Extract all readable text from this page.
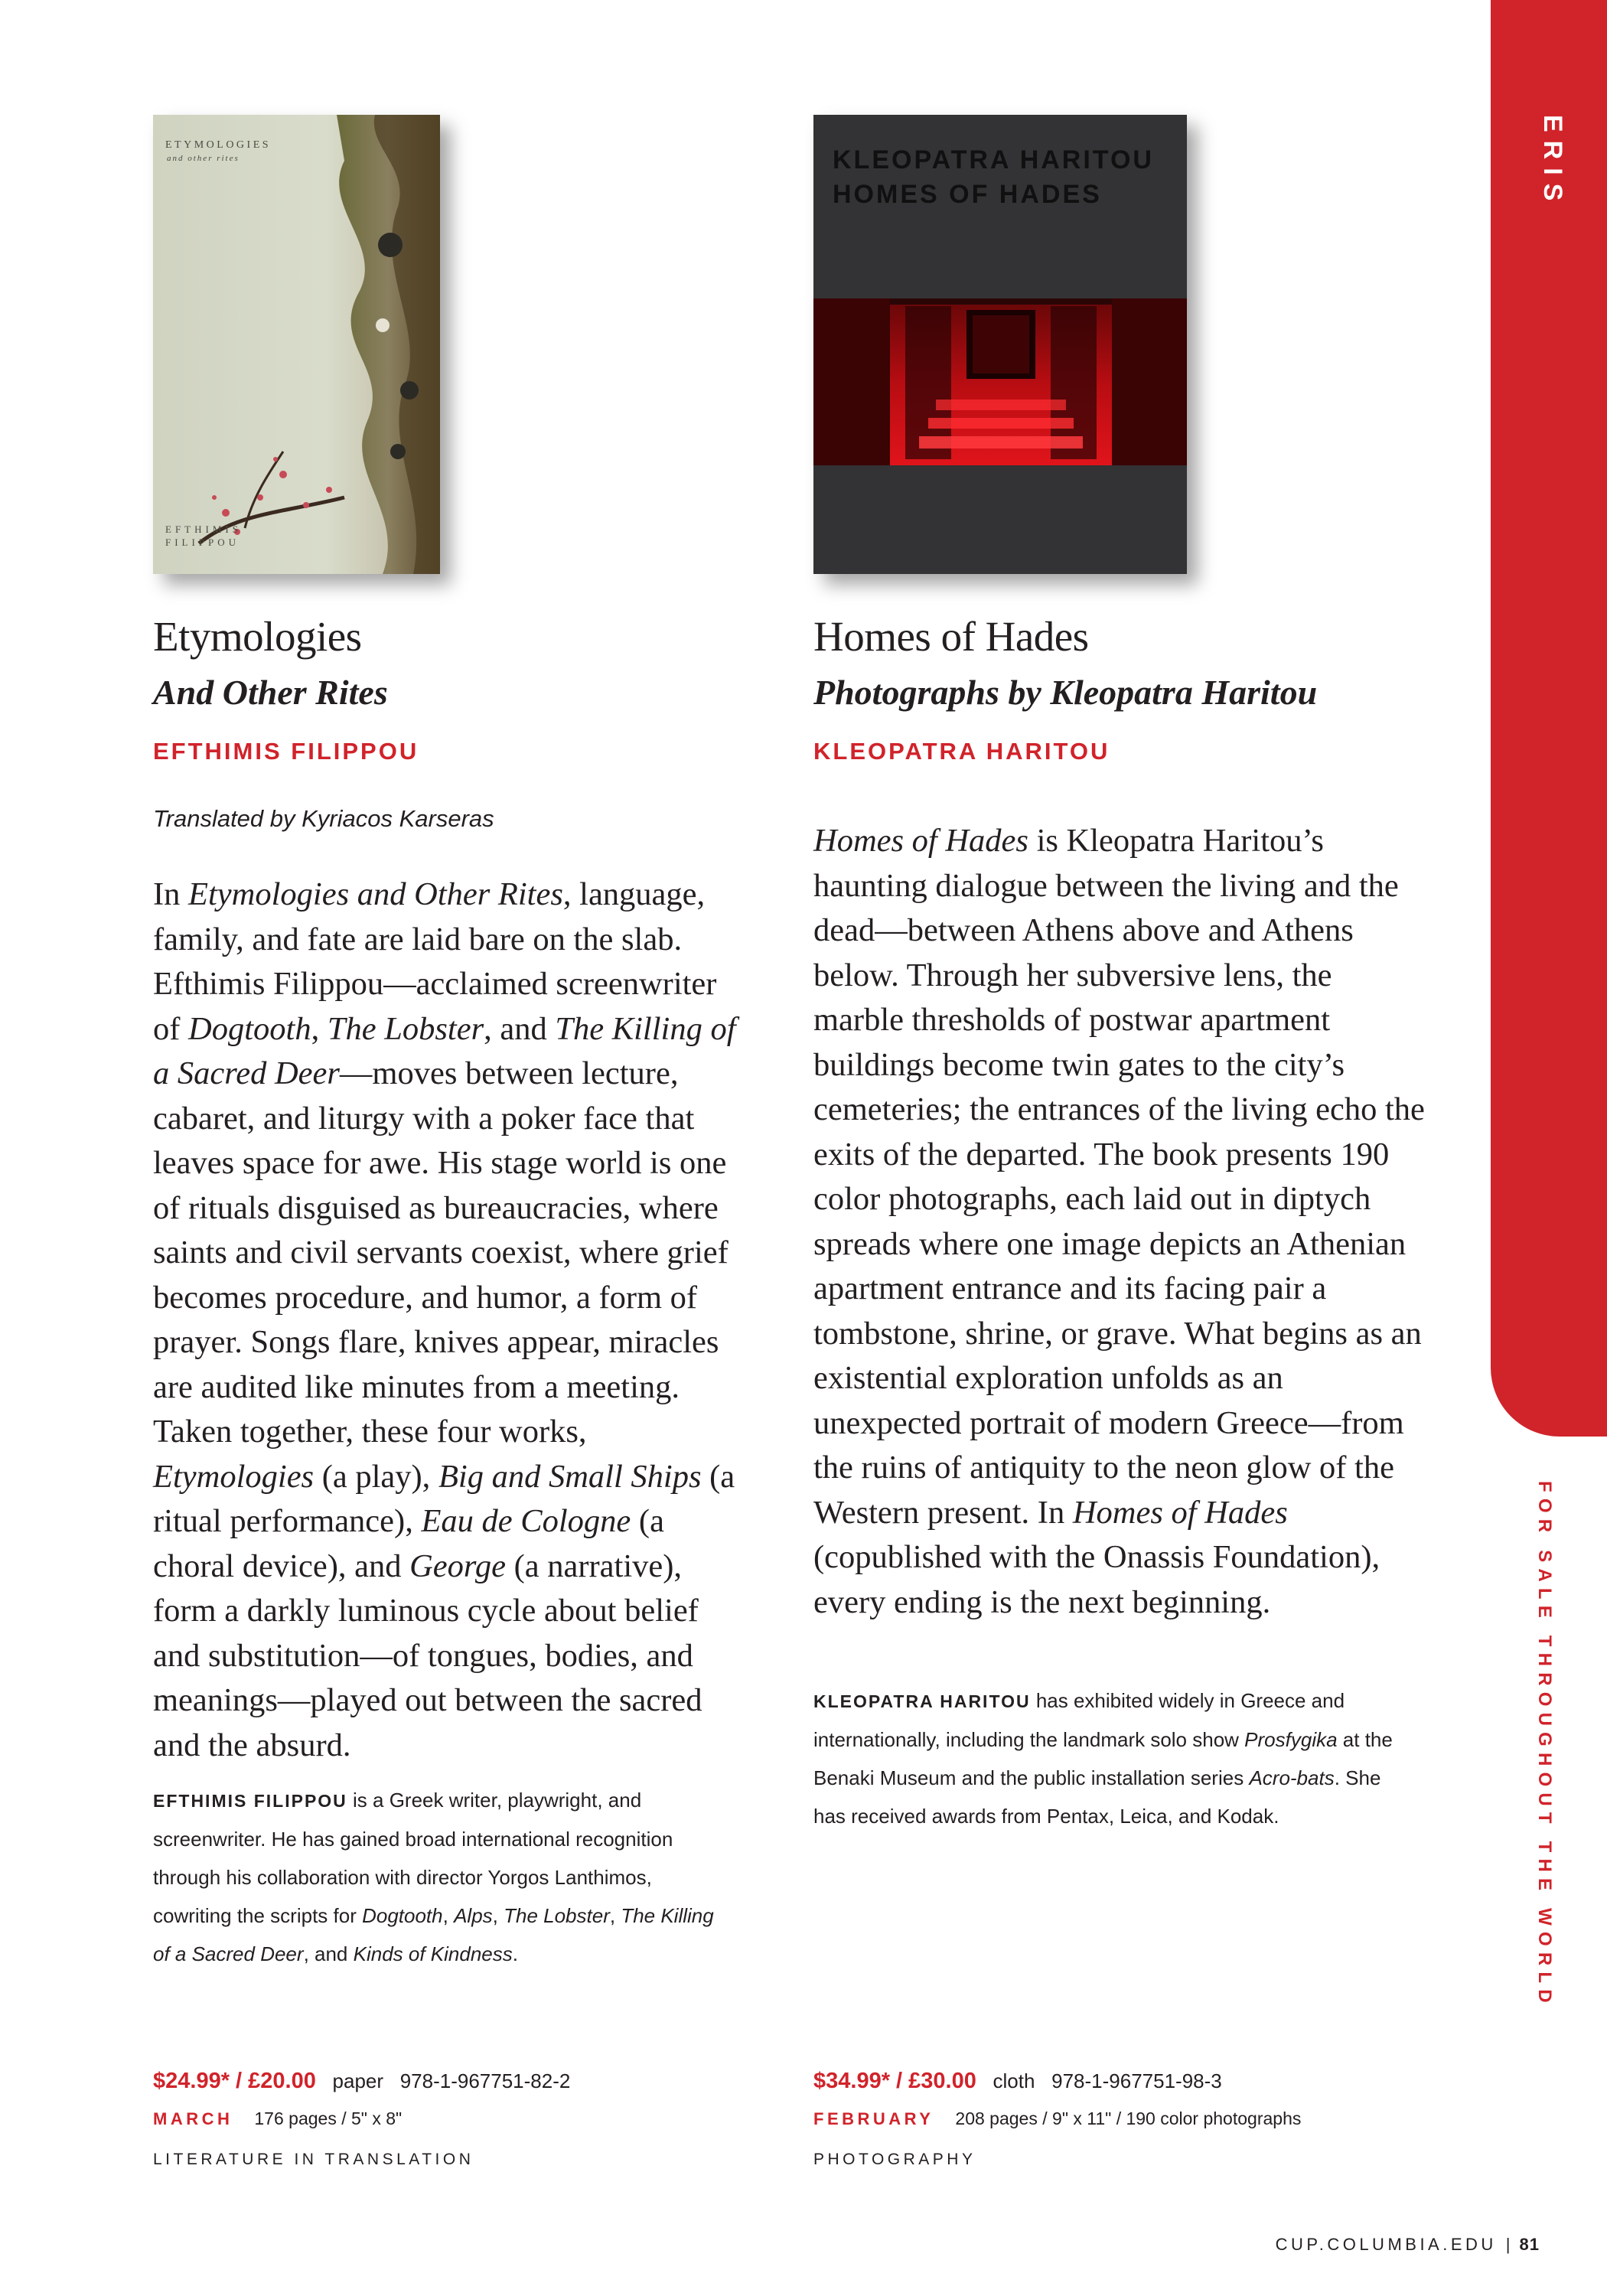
ERIS
FOR SALE THROUGHOUT THE WORLD
ETYMOLOGIES
and other rites
EFTHIMIS
FILIPPOU
Etymologies
And Other Rites
EFTHIMIS FILIPPOU
Translated by Kyriacos Karseras

In Etymologies and Other Rites, language, family, and fate are laid bare on the slab. Efthimis Filippou—acclaimed screenwriter of Dogtooth, The Lobster, and The Killing of a Sacred Deer—moves between lecture, cabaret, and liturgy with a poker face that leaves space for awe. His stage world is one of rituals disguised as bureaucracies, where saints and civil servants coexist, where grief becomes procedure, and humor, a form of prayer. Songs flare, knives appear, miracles are audited like minutes from a meeting. Taken together, these four works, Etymologies (a play), Big and Small Ships (a ritual performance), Eau de Cologne (a choral device), and George (a narrative), form a darkly luminous cycle about belief and substitution—of tongues, bodies, and meanings—played out between the sacred and the absurd.

EFTHIMIS FILIPPOU is a Greek writer, playwright, and screenwriter. He has gained broad international recognition through his collaboration with director Yorgos Lanthimos, cowriting the scripts for Dogtooth, Alps, The Lobster, The Killing of a Sacred Deer, and Kinds of Kindness.

$24.99* / £20.00 paper 978-1-967751-82-2
MARCH 176 pages / 5" x 8"
LITERATURE IN TRANSLATION
KLEOPATRA HARITOU
HOMES OF HADES
Homes of Hades
Photographs by Kleopatra Haritou
KLEOPATRA HARITOU

Homes of Hades is Kleopatra Haritou’s haunting dialogue between the living and the dead—between Athens above and Athens below. Through her subversive lens, the marble thresholds of postwar apartment buildings become twin gates to the city’s cemeteries; the entrances of the living echo the exits of the departed. The book presents 190 color photographs, each laid out in diptych spreads where one image depicts an Athenian apartment entrance and its facing pair a tombstone, shrine, or grave. What begins as an existential exploration unfolds as an unexpected portrait of modern Greece—from the ruins of antiquity to the neon glow of the Western present. In Homes of Hades (copublished with the Onassis Foundation), every ending is the next beginning.

KLEOPATRA HARITOU has exhibited widely in Greece and internationally, including the landmark solo show Prosfygika at the Benaki Museum and the public installation series Acro-bats. She has received awards from Pentax, Leica, and Kodak.

$34.99* / £30.00 cloth 978-1-967751-98-3
FEBRUARY 208 pages / 9" x 11" / 190 color photographs
PHOTOGRAPHY
CUP.COLUMBIA.EDU | 81
